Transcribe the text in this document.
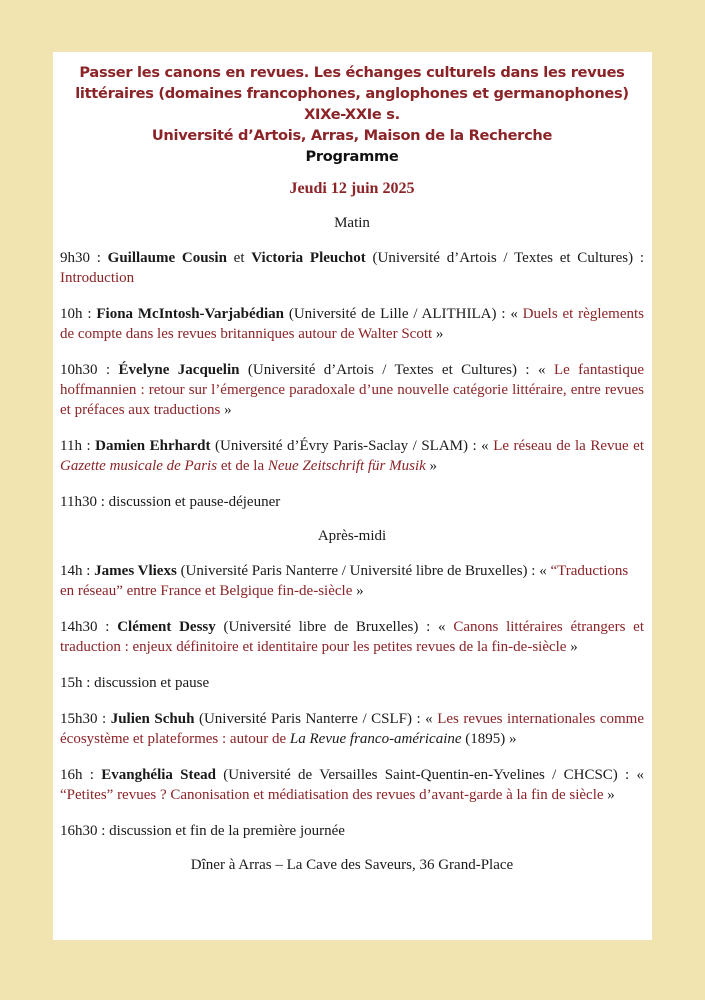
Passer les canons en revues. Les échanges culturels dans les revues
littéraires (domaines francophones, anglophones et germanophones)
XIXe-XXIe s.
Université d’Artois, Arras, Maison de la Recherche
Programme
Jeudi 12 juin 2025
Matin
9h30 : Guillaume Cousin et Victoria Pleuchot (Université d’Artois / Textes et Cultures) : Introduction
10h : Fiona McIntosh-Varjabédian (Université de Lille / ALITHILA) : « Duels et règlements de compte dans les revues britanniques autour de Walter Scott »
10h30 : Évelyne Jacquelin (Université d’Artois / Textes et Cultures) : « Le fantastique hoffmannien : retour sur l’émergence paradoxale d’une nouvelle catégorie littéraire, entre revues et préfaces aux traductions »
11h : Damien Ehrhardt (Université d’Évry Paris-Saclay / SLAM) : « Le réseau de la Revue et Gazette musicale de Paris et de la Neue Zeitschrift für Musik »
11h30 : discussion et pause-déjeuner
Après-midi
14h : James Vliexs (Université Paris Nanterre / Université libre de Bruxelles) : « “Traductions en réseau” entre France et Belgique fin-de-siècle »
14h30 : Clément Dessy (Université libre de Bruxelles) : « Canons littéraires étrangers et traduction : enjeux définitoire et identitaire pour les petites revues de la fin-de-siècle »
15h : discussion et pause
15h30 : Julien Schuh (Université Paris Nanterre / CSLF) : « Les revues internationales comme écosystème et plateformes : autour de La Revue franco-américaine (1895) »
16h : Evanghélia Stead (Université de Versailles Saint-Quentin-en-Yvelines / CHCSC) : « “Petites” revues ? Canonisation et médiatisation des revues d’avant-garde à la fin de siècle »
16h30 : discussion et fin de la première journée
Dîner à Arras – La Cave des Saveurs, 36 Grand-Place
